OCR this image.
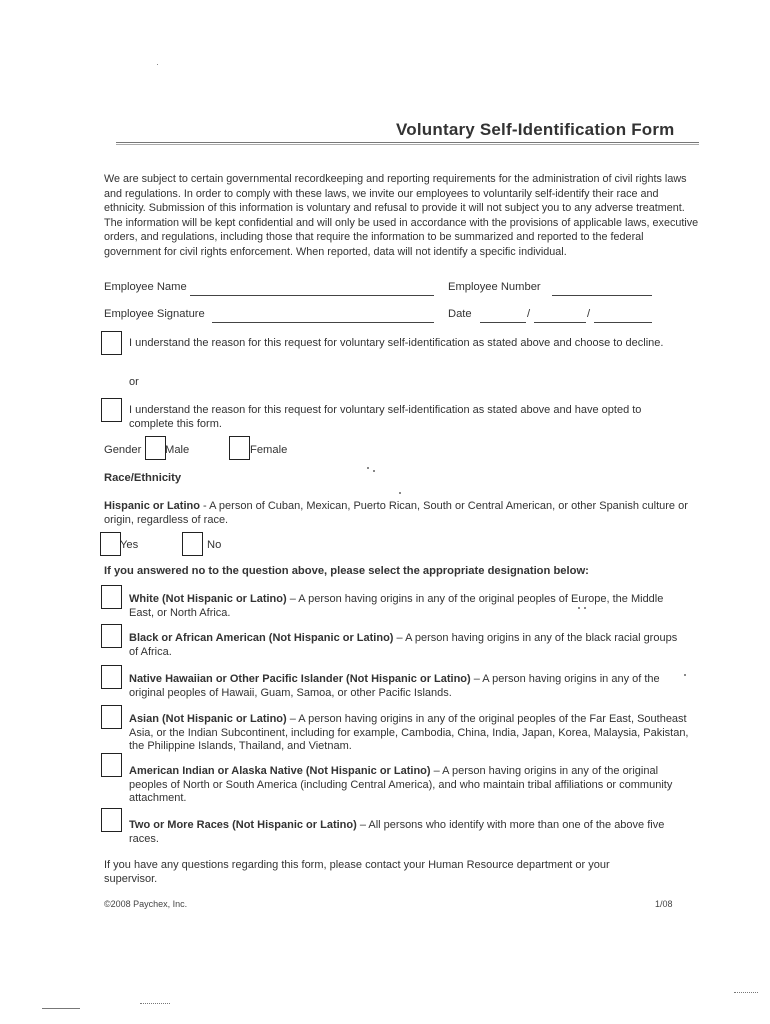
Voluntary Self-Identification Form
We are subject to certain governmental recordkeeping and reporting requirements for the administration of civil rights laws and regulations. In order to comply with these laws, we invite our employees to voluntarily self-identify their race and ethnicity. Submission of this information is voluntary and refusal to provide it will not subject you to any adverse treatment. The information will be kept confidential and will only be used in accordance with the provisions of applicable laws, executive orders, and regulations, including those that require the information to be summarized and reported to the federal government for civil rights enforcement. When reported, data will not identify a specific individual.
Employee Name	Employee Number
Employee Signature	Date	/	/
I understand the reason for this request for voluntary self-identification as stated above and choose to decline.
or
I understand the reason for this request for voluntary self-identification as stated above and have opted to complete this form.
Gender Male	Female
Race/Ethnicity
Hispanic or Latino - A person of Cuban, Mexican, Puerto Rican, South or Central American, or other Spanish culture or origin, regardless of race.
Yes	No
If you answered no to the question above, please select the appropriate designation below:
White (Not Hispanic or Latino) – A person having origins in any of the original peoples of Europe, the Middle East, or North Africa.
Black or African American (Not Hispanic or Latino) – A person having origins in any of the black racial groups of Africa.
Native Hawaiian or Other Pacific Islander (Not Hispanic or Latino) – A person having origins in any of the original peoples of Hawaii, Guam, Samoa, or other Pacific Islands.
Asian (Not Hispanic or Latino) – A person having origins in any of the original peoples of the Far East, Southeast Asia, or the Indian Subcontinent, including for example, Cambodia, China, India, Japan, Korea, Malaysia, Pakistan, the Philippine Islands, Thailand, and Vietnam.
American Indian or Alaska Native (Not Hispanic or Latino) – A person having origins in any of the original peoples of North or South America (including Central America), and who maintain tribal affiliations or community attachment.
Two or More Races (Not Hispanic or Latino) – All persons who identify with more than one of the above five races.
If you have any questions regarding this form, please contact your Human Resource department or your supervisor.
©2008 Paychex, Inc.	1/08
